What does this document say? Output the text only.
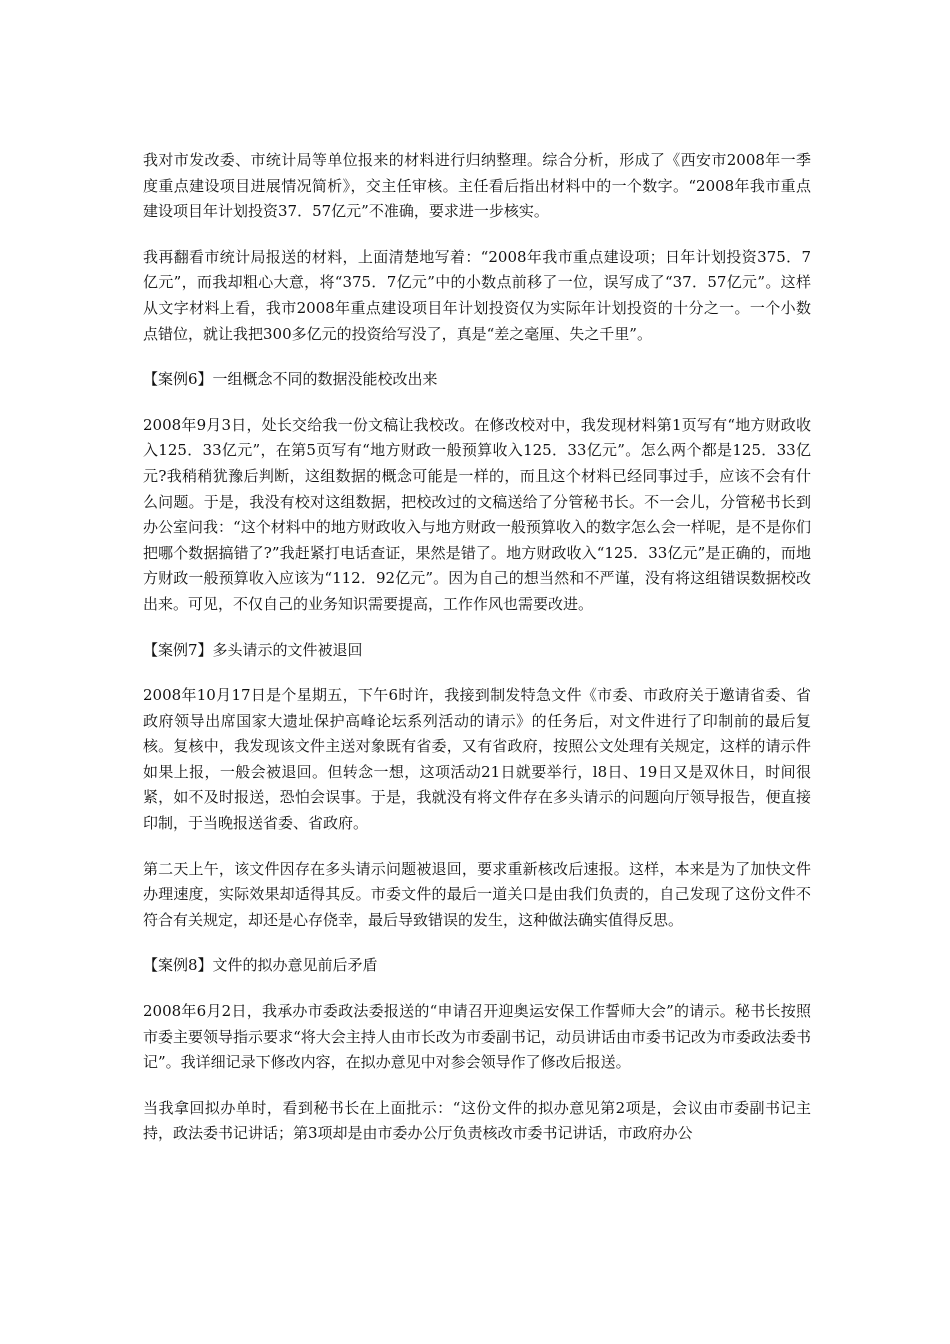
我对市发改委、市统计局等单位报来的材料进行归纳整理。综合分析，形成了《西安市2008年一季度重点建设项目进展情况简析》，交主任审核。主任看后指出材料中的一个数字。“2008年我市重点建设项目年计划投资37．57亿元”不准确，要求进一步核实。

我再翻看市统计局报送的材料，上面清楚地写着：“2008年我市重点建设项；日年计划投资375．7亿元”，而我却粗心大意，将“375．7亿元”中的小数点前移了一位，误写成了“37．57亿元”。这样从文字材料上看，我市2008年重点建设项目年计划投资仅为实际年计划投资的十分之一。一个小数点错位，就让我把300多亿元的投资给写没了，真是“差之毫厘、失之千里”。

【案例6】一组概念不同的数据没能校改出来

2008年9月3日，处长交给我一份文稿让我校改。在修改校对中，我发现材料第1页写有“地方财政收入125．33亿元”，在第5页写有“地方财政一般预算收入125．33亿元”。怎么两个都是125．33亿元?我稍稍犹豫后判断，这组数据的概念可能是一样的，而且这个材料已经同事过手，应该不会有什么问题。于是，我没有校对这组数据，把校改过的文稿送给了分管秘书长。不一会儿，分管秘书长到办公室问我：“这个材料中的地方财政收入与地方财政一般预算收入的数字怎么会一样呢，是不是你们把哪个数据搞错了?”我赶紧打电话查证，果然是错了。地方财政收入“125．33亿元”是正确的，而地方财政一般预算收入应该为“112．92亿元”。因为自己的想当然和不严谨，没有将这组错误数据校改出来。可见，不仅自己的业务知识需要提高，工作作风也需要改进。

【案例7】多头请示的文件被退回

2008年10月17日是个星期五，下午6时许，我接到制发特急文件《市委、市政府关于邀请省委、省政府领导出席国家大遗址保护高峰论坛系列活动的请示》的任务后，对文件进行了印制前的最后复核。复核中，我发现该文件主送对象既有省委，又有省政府，按照公文处理有关规定，这样的请示件如果上报，一般会被退回。但转念一想，这项活动21日就要举行，l8日、19日又是双休日，时间很紧，如不及时报送，恐怕会误事。于是，我就没有将文件存在多头请示的问题向厅领导报告，便直接印制，于当晚报送省委、省政府。

第二天上午，该文件因存在多头请示问题被退回，要求重新核改后速报。这样，本来是为了加快文件办理速度，实际效果却适得其反。市委文件的最后一道关口是由我们负责的，自己发现了这份文件不符合有关规定，却还是心存侥幸，最后导致错误的发生，这种做法确实值得反思。

【案例8】文件的拟办意见前后矛盾

2008年6月2日，我承办市委政法委报送的“申请召开迎奥运安保工作誓师大会”的请示。秘书长按照市委主要领导指示要求“将大会主持人由市长改为市委副书记，动员讲话由市委书记改为市委政法委书记”。我详细记录下修改内容，在拟办意见中对参会领导作了修改后报送。

当我拿回拟办单时，看到秘书长在上面批示：“这份文件的拟办意见第2项是，会议由市委副书记主持，政法委书记讲话；第3项却是由市委办公厅负责核改市委书记讲话，市政府办公
